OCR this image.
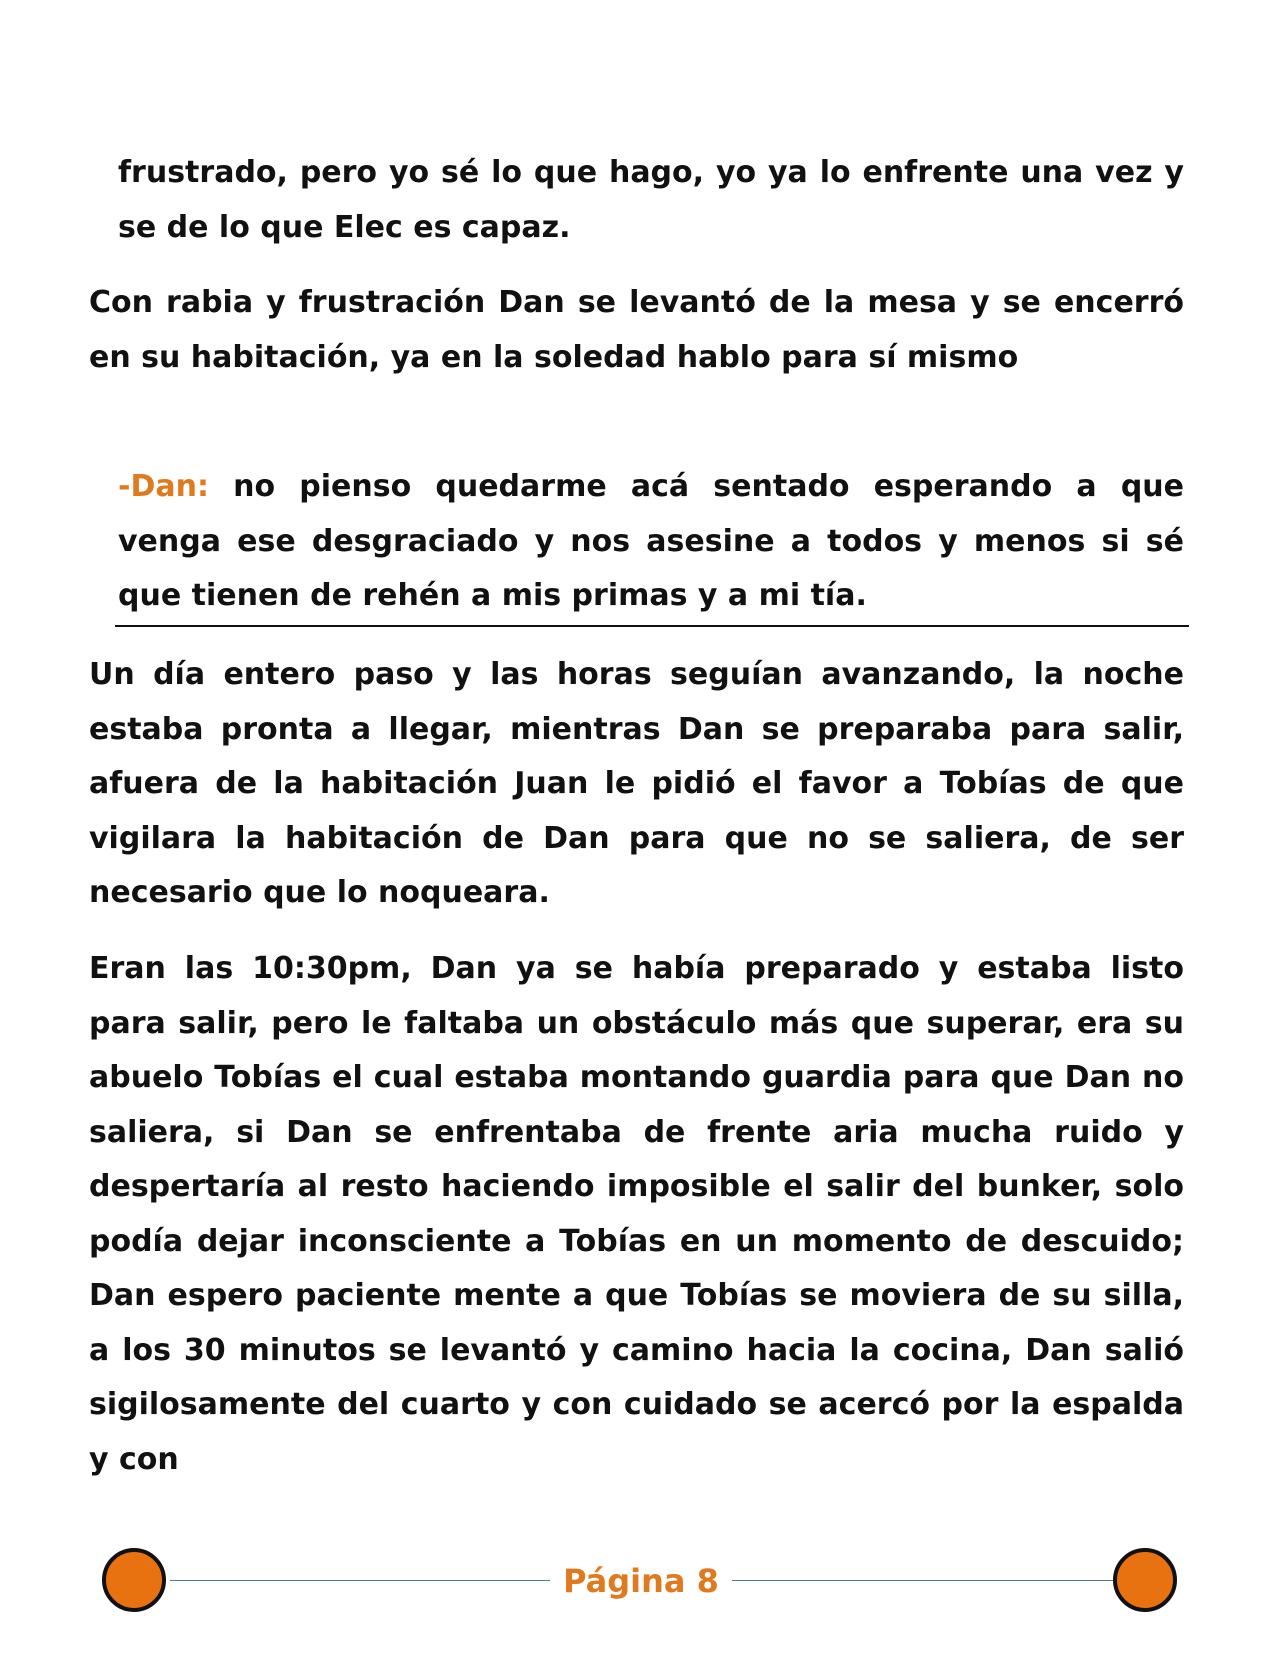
frustrado, pero yo sé lo que hago, yo ya lo enfrente una vez y se de lo que Elec es capaz.

Con rabia y frustración Dan se levantó de la mesa y se encerró en su habitación, ya en la soledad hablo para sí mismo

-Dan: no pienso quedarme acá sentado esperando a que venga ese desgraciado y nos asesine a todos y menos si sé que tienen de rehén a mis primas y a mi tía.

Un día entero paso y las horas seguían avanzando, la noche estaba pronta a llegar, mientras Dan se preparaba para salir, afuera de la habitación Juan le pidió el favor a Tobías de que vigilara la habitación de Dan para que no se saliera, de ser necesario que lo noqueara.

Eran las 10:30pm, Dan ya se había preparado y estaba listo para salir, pero le faltaba un obstáculo más que superar, era su abuelo Tobías el cual estaba montando guardia para que Dan no saliera, si Dan se enfrentaba de frente aria mucha ruido y despertaría al resto haciendo imposible el salir del bunker, solo podía dejar inconsciente a Tobías en un momento de descuido; Dan espero paciente mente a que Tobías se moviera de su silla, a los 30 minutos se levantó y camino hacia la cocina, Dan salió sigilosamente del cuarto y con cuidado se acercó por la espalda y con

Página 8
